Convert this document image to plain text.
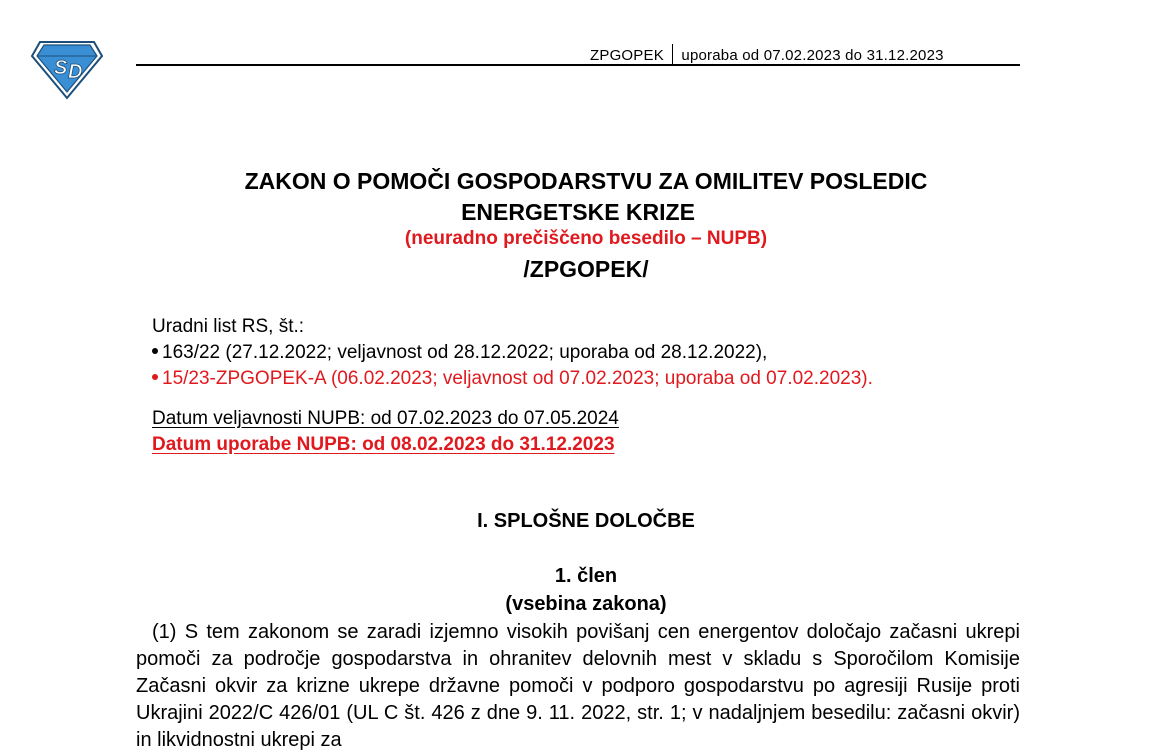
S D
ZPGOPEK uporaba od 07.02.2023 do 31.12.2023
ZAKON O POMOČI GOSPODARSTVU ZA OMILITEV POSLEDIC
ENERGETSKE KRIZE
(neuradno prečiščeno besedilo – NUPB)
/ZPGOPEK/
Uradni list RS, št.:
163/22 (27.12.2022; veljavnost od 28.12.2022; uporaba od 28.12.2022),
15/23-ZPGOPEK-A (06.02.2023; veljavnost od 07.02.2023; uporaba od 07.02.2023).
Datum veljavnosti NUPB: od 07.02.2023 do 07.05.2024
Datum uporabe NUPB: od 08.02.2023 do 31.12.2023
I. SPLOŠNE DOLOČBE
1. člen
(vsebina zakona)
(1) S tem zakonom se zaradi izjemno visokih povišanj cen energentov določajo začasni ukrepi pomoči za področje gospodarstva in ohranitev delovnih mest v skladu s Sporočilom Komisije Začasni okvir za krizne ukrepe državne pomoči v podporo gospodarstvu po agresiji Rusije proti Ukrajini 2022/C 426/01 (UL C št. 426 z dne 9. 11. 2022, str. 1; v nadaljnjem besedilu: začasni okvir) in likvidnostni ukrepi za
